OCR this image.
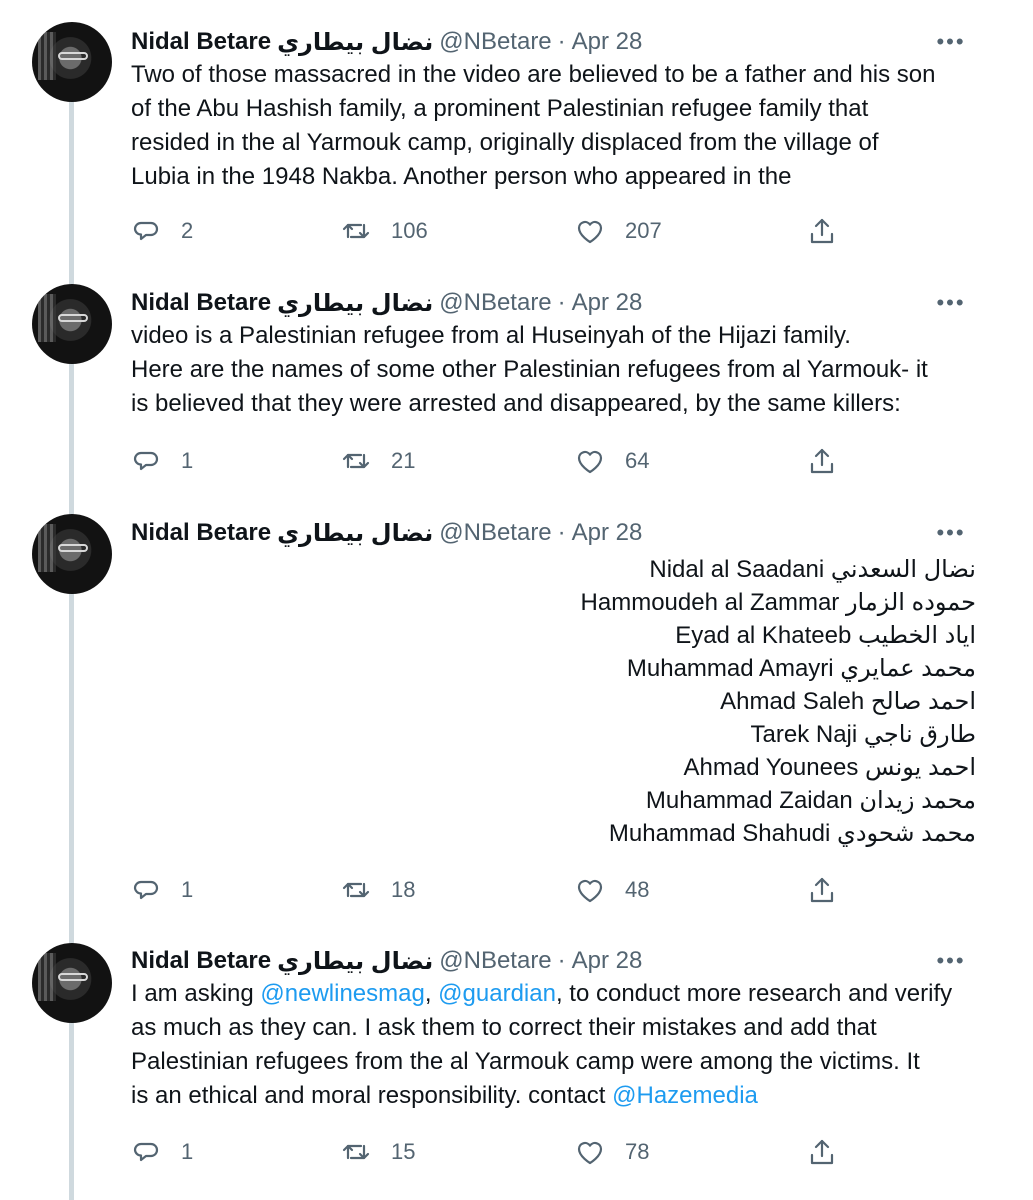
Nidal Betare نضال بيطاري @NBetare · Apr 28	•••

Two of those massacred in the video are believed to be a father and his son

of the Abu Hashish family, a prominent Palestinian refugee family that

resided in the al Yarmouk camp, originally displaced from the village of

Lubia in the 1948 Nakba. Another person who appeared in the

2	106	207
Nidal Betare نضال بيطاري @NBetare · Apr 28	•••

video is a Palestinian refugee from al Huseinyah of the Hijazi family.

Here are the names of some other Palestinian refugees from al Yarmouk- it

is believed that they were arrested and disappeared, by the same killers:

1	21	64
Nidal Betare نضال بيطاري @NBetare · Apr 28	•••
Nidal al Saadani نضال السعدني
Hammoudeh al Zammar حموده الزمار
Eyad al Khateeb اياد الخطيب
Muhammad Amayri محمد عمايري
Ahmad Saleh احمد صالح
Tarek Naji طارق ناجي
Ahmad Younees احمد يونس
Muhammad Zaidan محمد زيدان
Muhammad Shahudi محمد شحودي
1	18	48
Nidal Betare نضال بيطاري @NBetare · Apr 28	•••

I am asking @newlinesmag, @guardian, to conduct more research and verify

as much as they can. I ask them to correct their mistakes and add that

Palestinian refugees from the al Yarmouk camp were among the victims. It

is an ethical and moral responsibility. contact @Hazemedia

1	15	78
